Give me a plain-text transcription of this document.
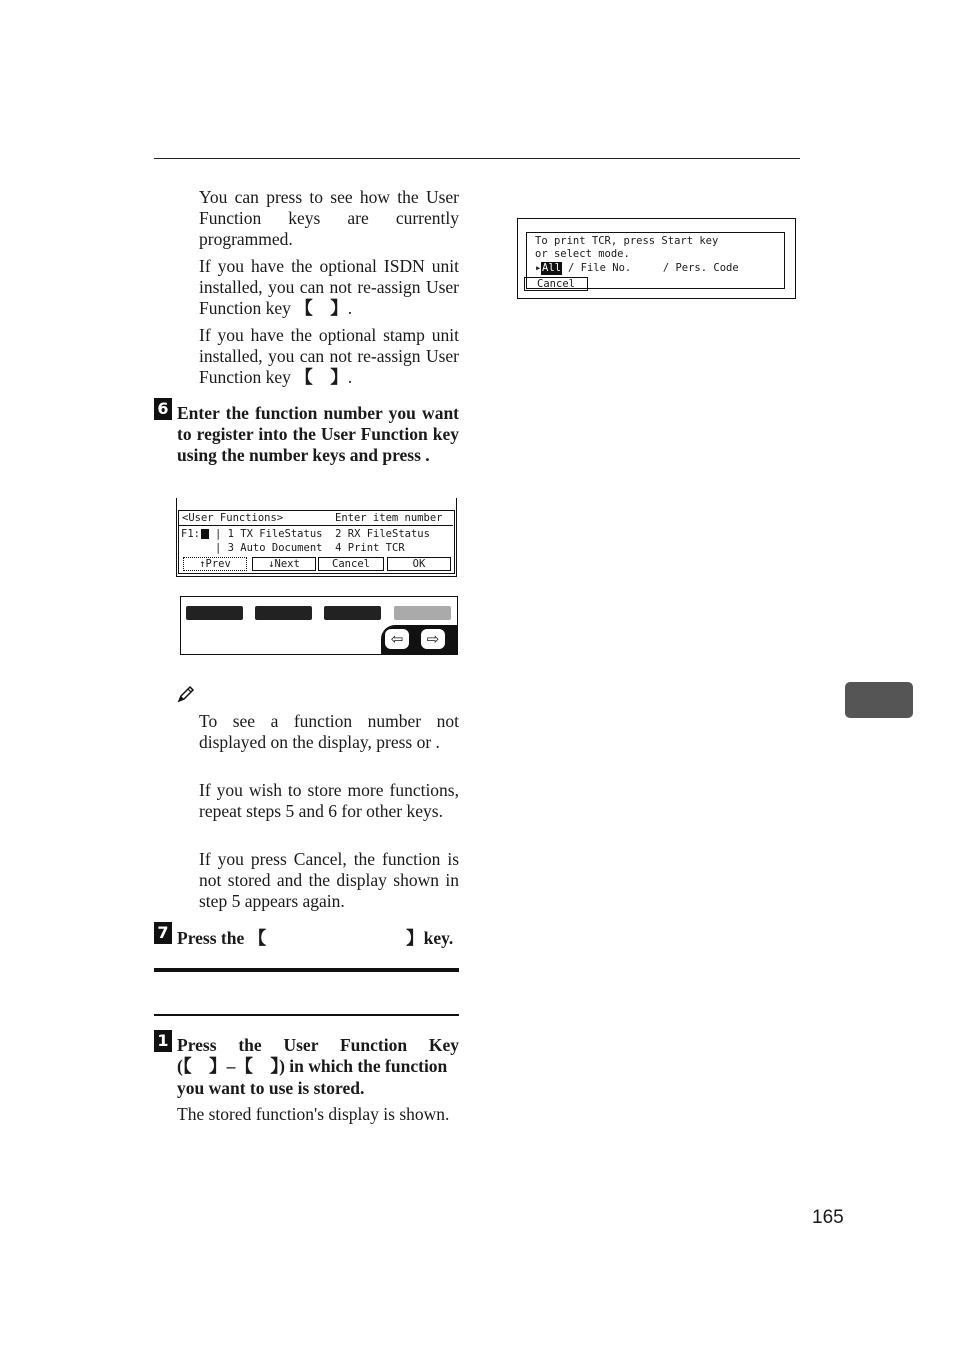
You can press to see how the User Function keys are currently programmed.
If you have the optional ISDN unit installed, you can not re-assign User Function key 【　】.
If you have the optional stamp unit installed, you can not re-assign User Function key 【　】.
6 Enter the function number you want to register into the User Function key using the number keys and press .
<User Functions>	Enter item number
F1: | 1 TX FileStatus  2 RX FileStatus
| 3 Auto Document  4 Print TCR
↑Prev	↓Next	Cancel	OK
⇦	⇨
To see a function number not displayed on the display, press or .
If you wish to store more functions, repeat steps 5 and 6 for other keys.
If you press Cancel, the function is not stored and the display shown in step 5 appears again.
7 Press the 【	】key.
1 Press the User Function Key
(【　】–【　】) in which the function
you want to use is stored.
The stored function's display is shown.
To print TCR, press Start key
or select mode.
▸ All / File No.     / Pers. Code
Cancel
165
